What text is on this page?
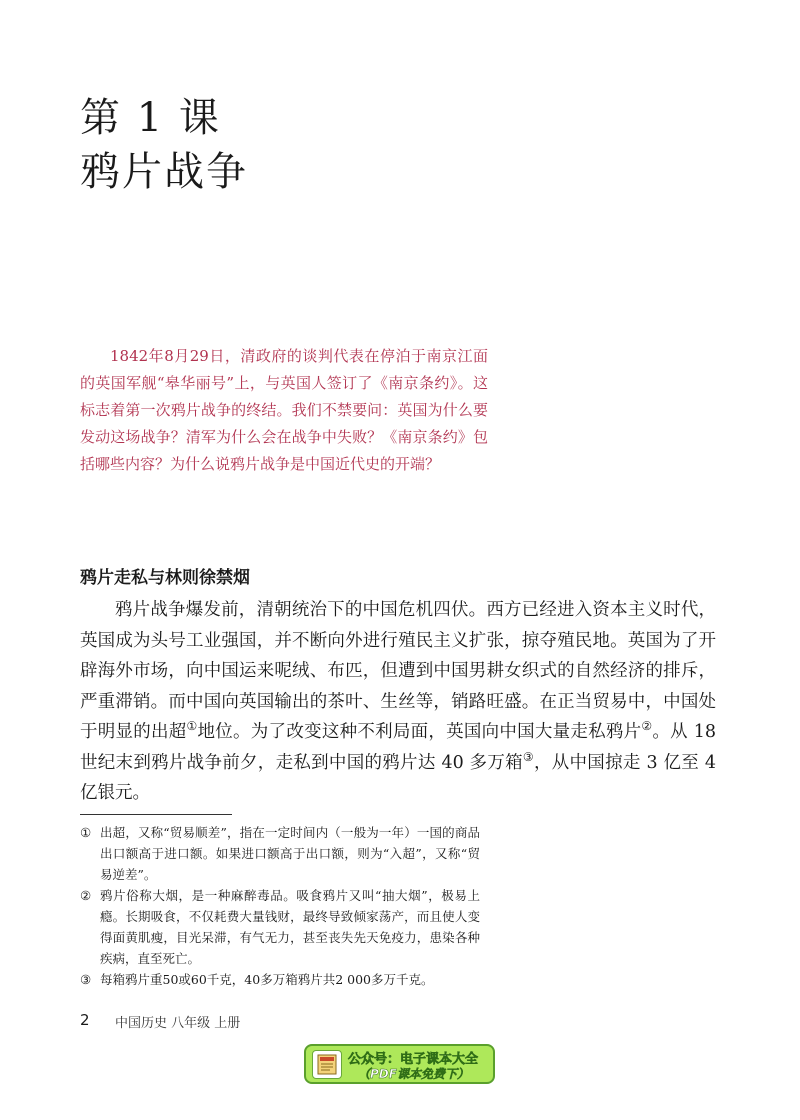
第 1 课
鸦片战争

1842年8月29日，清政府的谈判代表在停泊于南京江面的英国军舰“皋华丽号”上，与英国人签订了《南京条约》。这标志着第一次鸦片战争的终结。我们不禁要问：英国为什么要发动这场战争？清军为什么会在战争中失败？《南京条约》包括哪些内容？为什么说鸦片战争是中国近代史的开端？

鸦片走私与林则徐禁烟

鸦片战争爆发前，清朝统治下的中国危机四伏。西方已经进入资本主义时代，英国成为头号工业强国，并不断向外进行殖民主义扩张，掠夺殖民地。英国为了开辟海外市场，向中国运来呢绒、布匹，但遭到中国男耕女织式的自然经济的排斥，严重滞销。而中国向英国输出的茶叶、生丝等，销路旺盛。在正当贸易中，中国处于明显的出超①地位。为了改变这种不利局面，英国向中国大量走私鸦片②。从 18 世纪末到鸦片战争前夕，走私到中国的鸦片达 40 多万箱③，从中国掠走 3 亿至 4 亿银元。

① 出超，又称“贸易顺差”，指在一定时间内（一般为一年）一国的商品出口额高于进口额。如果进口额高于出口额，则为“入超”，又称“贸易逆差”。

② 鸦片俗称大烟，是一种麻醉毒品。吸食鸦片又叫“抽大烟”，极易上瘾。长期吸食，不仅耗费大量钱财，最终导致倾家荡产，而且使人变得面黄肌瘦，目光呆滞，有气无力，甚至丧失先天免疫力，患染各种疾病，直至死亡。

③ 每箱鸦片重50或60千克，40多万箱鸦片共2 000多万千克。

2 中国历史 八年级 上册
公众号：电子课本大全
（PDF课本免费下）
